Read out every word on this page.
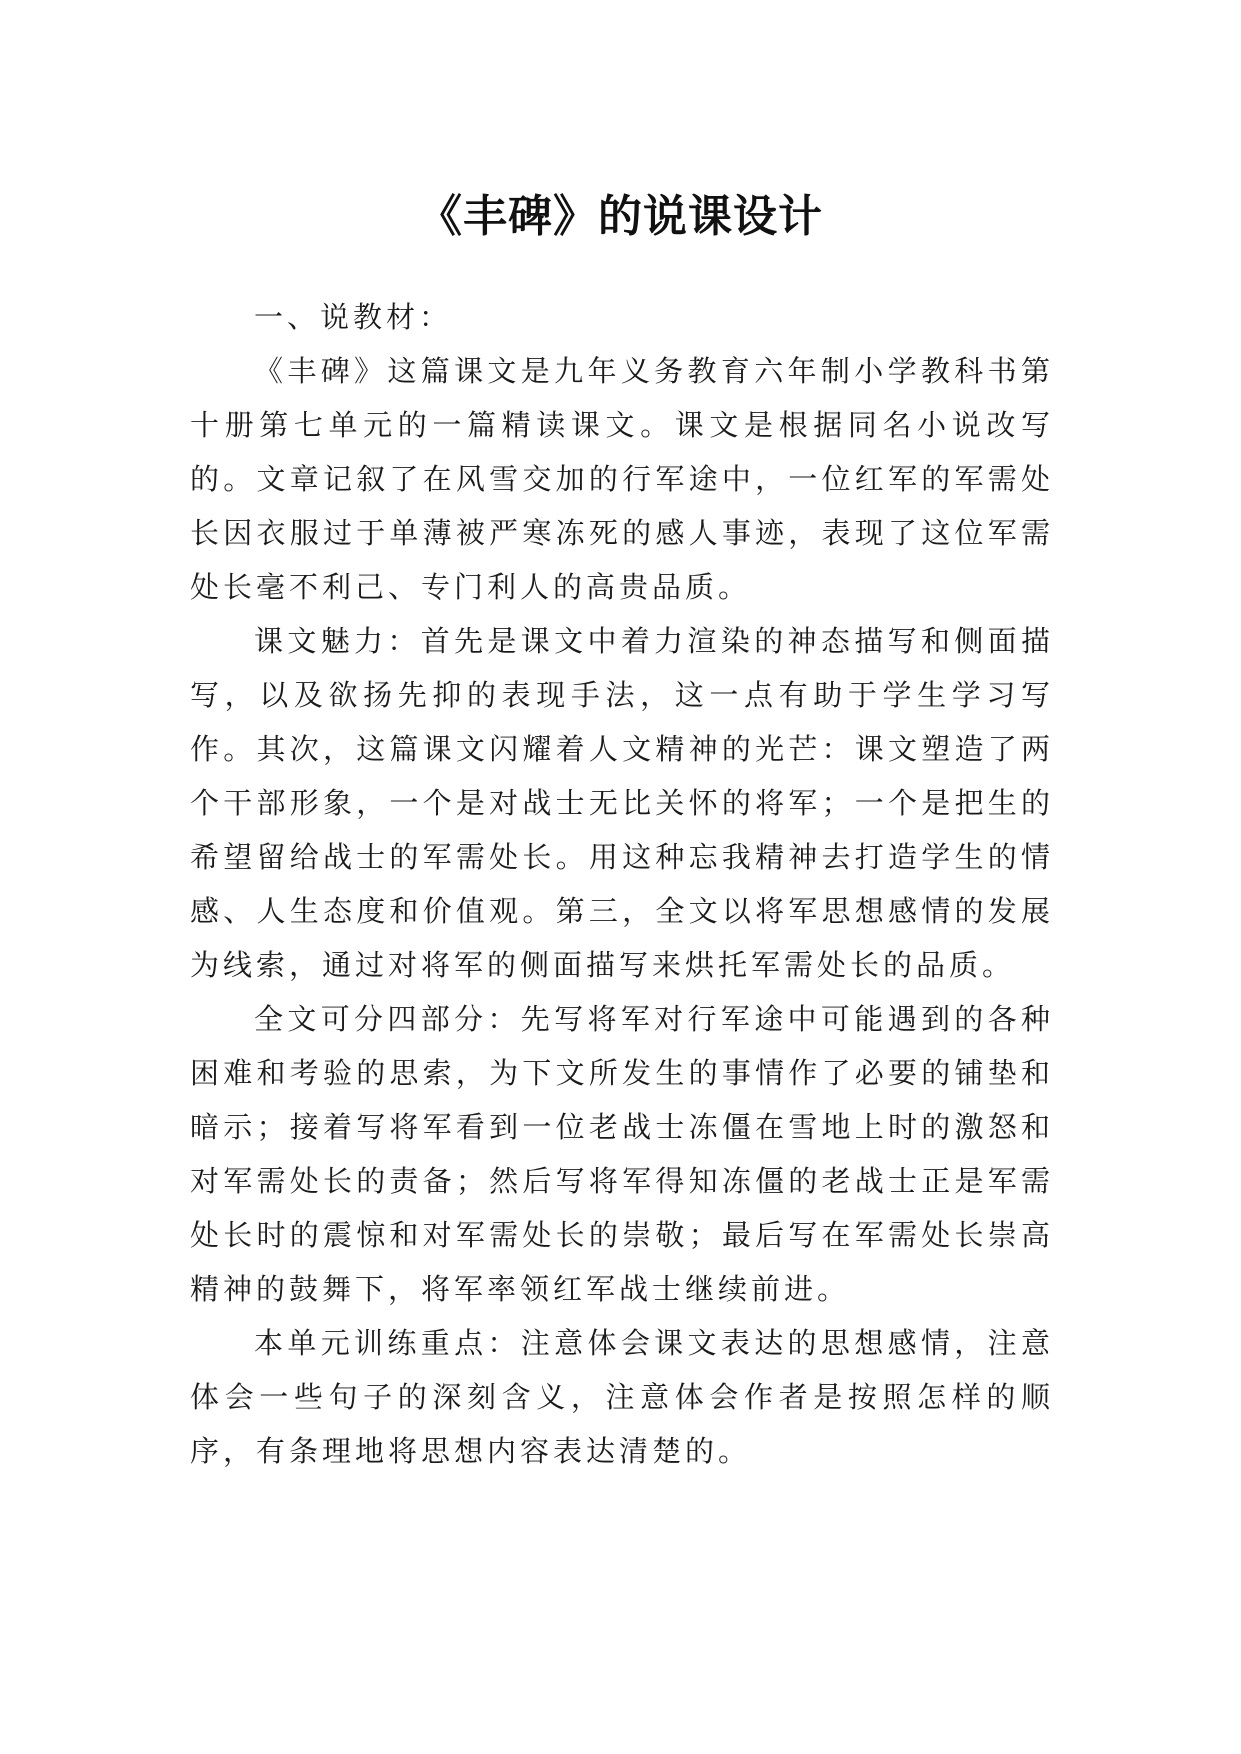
《丰碑》的说课设计

一、说教材：

《丰碑》这篇课文是九年义务教育六年制小学教科书第十册第七单元的一篇精读课文。课文是根据同名小说改写的。文章记叙了在风雪交加的行军途中，一位红军的军需处长因衣服过于单薄被严寒冻死的感人事迹，表现了这位军需处长毫不利己、专门利人的高贵品质。

课文魅力：首先是课文中着力渲染的神态描写和侧面描写，以及欲扬先抑的表现手法，这一点有助于学生学习写作。其次，这篇课文闪耀着人文精神的光芒：课文塑造了两个干部形象，一个是对战士无比关怀的将军；一个是把生的希望留给战士的军需处长。用这种忘我精神去打造学生的情感、人生态度和价值观。第三，全文以将军思想感情的发展为线索，通过对将军的侧面描写来烘托军需处长的品质。

全文可分四部分：先写将军对行军途中可能遇到的各种困难和考验的思索，为下文所发生的事情作了必要的铺垫和暗示；接着写将军看到一位老战士冻僵在雪地上时的激怒和对军需处长的责备；然后写将军得知冻僵的老战士正是军需处长时的震惊和对军需处长的崇敬；最后写在军需处长崇高精神的鼓舞下，将军率领红军战士继续前进。

本单元训练重点：注意体会课文表达的思想感情，注意体会一些句子的深刻含义，注意体会作者是按照怎样的顺序，有条理地将思想内容表达清楚的。
